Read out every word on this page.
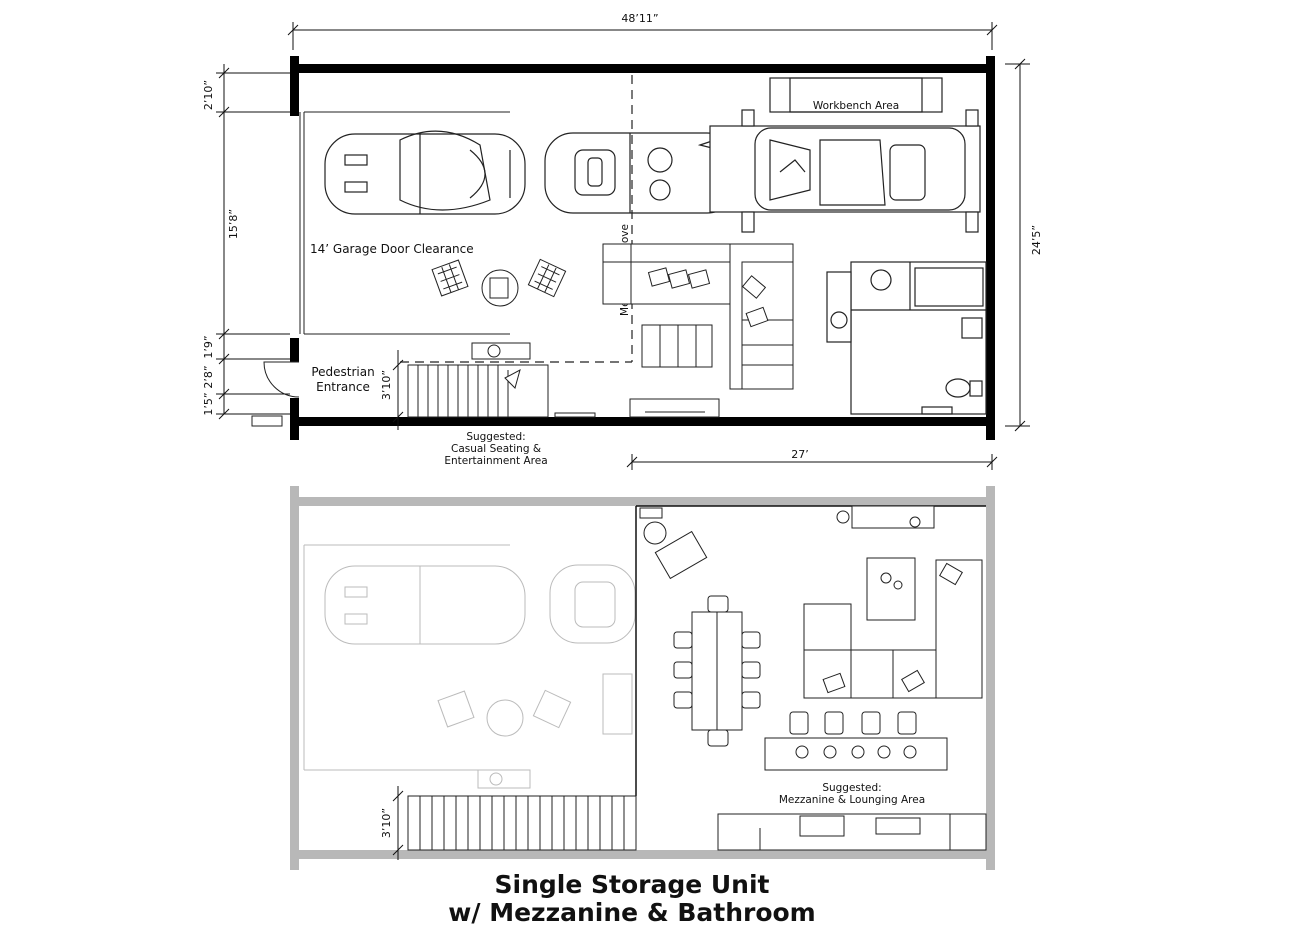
48’11”
24’5”
2’10”
15’8”
1’9”
2’8”
1’5”
14’ Garage Door Clearance
Pedestrian
Entrance
Workbench Area
3’10”
Suggested:
Casual Seating &
Entertainment Area	27’
3’10”
Suggested:
Mezzanine & Lounging Area
Single Storage Unit
w/ Mezzanine & Bathroom
